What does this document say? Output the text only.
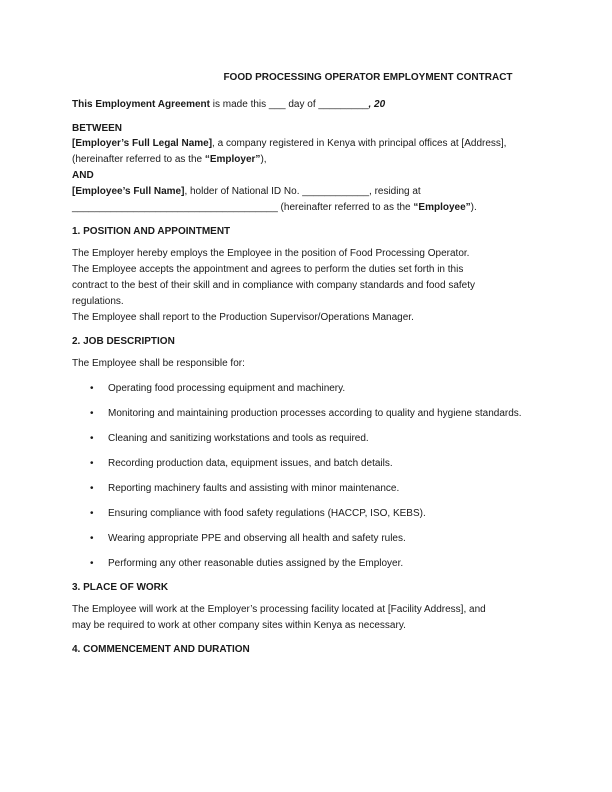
FOOD PROCESSING OPERATOR EMPLOYMENT CONTRACT

This Employment Agreement is made this ___ day of _________, 20

BETWEEN

[Employer’s Full Legal Name], a company registered in Kenya with principal offices at [Address],

(hereinafter referred to as the “Employer”),

AND

[Employee’s Full Name], holder of National ID No. ____________, residing at

_____________________________________ (hereinafter referred to as the “Employee”).

1. POSITION AND APPOINTMENT

The Employer hereby employs the Employee in the position of Food Processing Operator.

The Employee accepts the appointment and agrees to perform the duties set forth in this

contract to the best of their skill and in compliance with company standards and food safety

regulations.

The Employee shall report to the Production Supervisor/Operations Manager.

2. JOB DESCRIPTION

The Employee shall be responsible for:

• Operating food processing equipment and machinery.
• Monitoring and maintaining production processes according to quality and hygiene standards.
• Cleaning and sanitizing workstations and tools as required.
• Recording production data, equipment issues, and batch details.
• Reporting machinery faults and assisting with minor maintenance.
• Ensuring compliance with food safety regulations (HACCP, ISO, KEBS).
• Wearing appropriate PPE and observing all health and safety rules.
• Performing any other reasonable duties assigned by the Employer.

3. PLACE OF WORK

The Employee will work at the Employer’s processing facility located at [Facility Address], and

may be required to work at other company sites within Kenya as necessary.

4. COMMENCEMENT AND DURATION
